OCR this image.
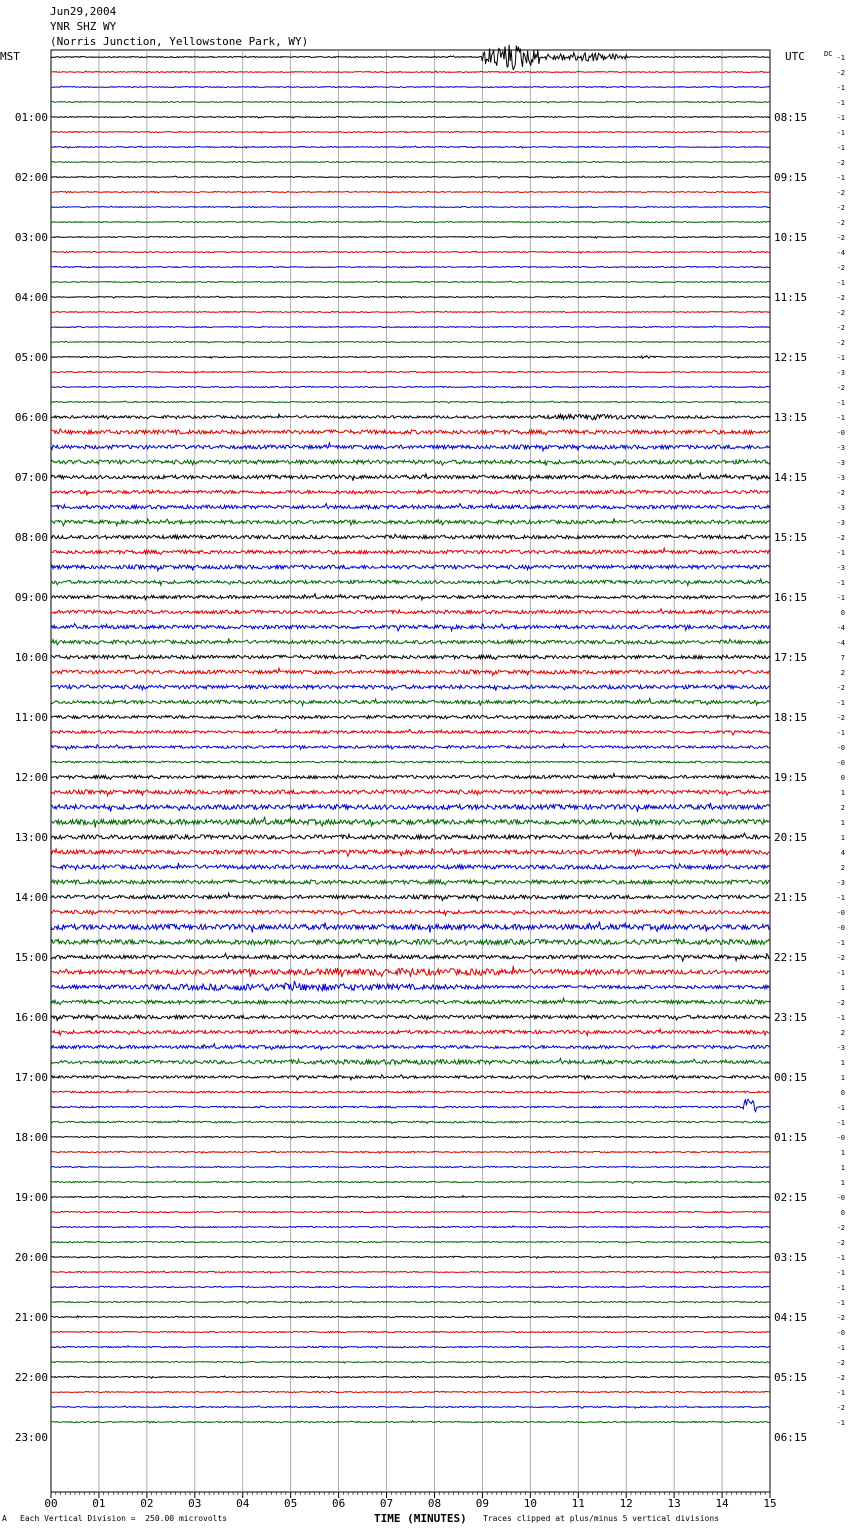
Jun29,2004
YNR SHZ WY
(Norris Junction, Yellowstone Park, WY)
MST	UTC	DC
00	01	02	03	04	05	06	07	08	09	10	11	12	13	14	15
-1
-2
-1
-1
-1
-1
-1
-2
-1
-2
-2
-2
-2
-4
-2
-1
-2
-2
-2
-2
-1
-3
-2
-1
-1
-0
-3
-3
-3
-2
-3
-3
-2
-1
-3
-1
-1
0
-4
-4
7
2
-2
-1
-2
-1
-0
-0
0
1
2
1
1
4
2
-3
-1
-0
-0
-1
-2
-1
1
-2
-1
2
-3
1
1
0
-1
-1
-0
1
1
1
-0
0
-2
-2
-1
-1
-1
-1
-2
-0
-1
-2
-2
-1
-2
-1
01:00
02:00
03:00
04:00
05:00
06:00
07:00
08:00
09:00
10:00
11:00
12:00
13:00
14:00
15:00
16:00
17:00
18:00
19:00
20:00
21:00
22:00
23:00
08:15
09:15
10:15
11:15
12:15
13:15
14:15
15:15
16:15
17:15
18:15
19:15
20:15
21:15
22:15
23:15
00:15
01:15
02:15
03:15
04:15
05:15
06:15
A Each Vertical Division =  250.00 microvolts	TIME (MINUTES) Traces clipped at plus/minus 5 vertical divisions
